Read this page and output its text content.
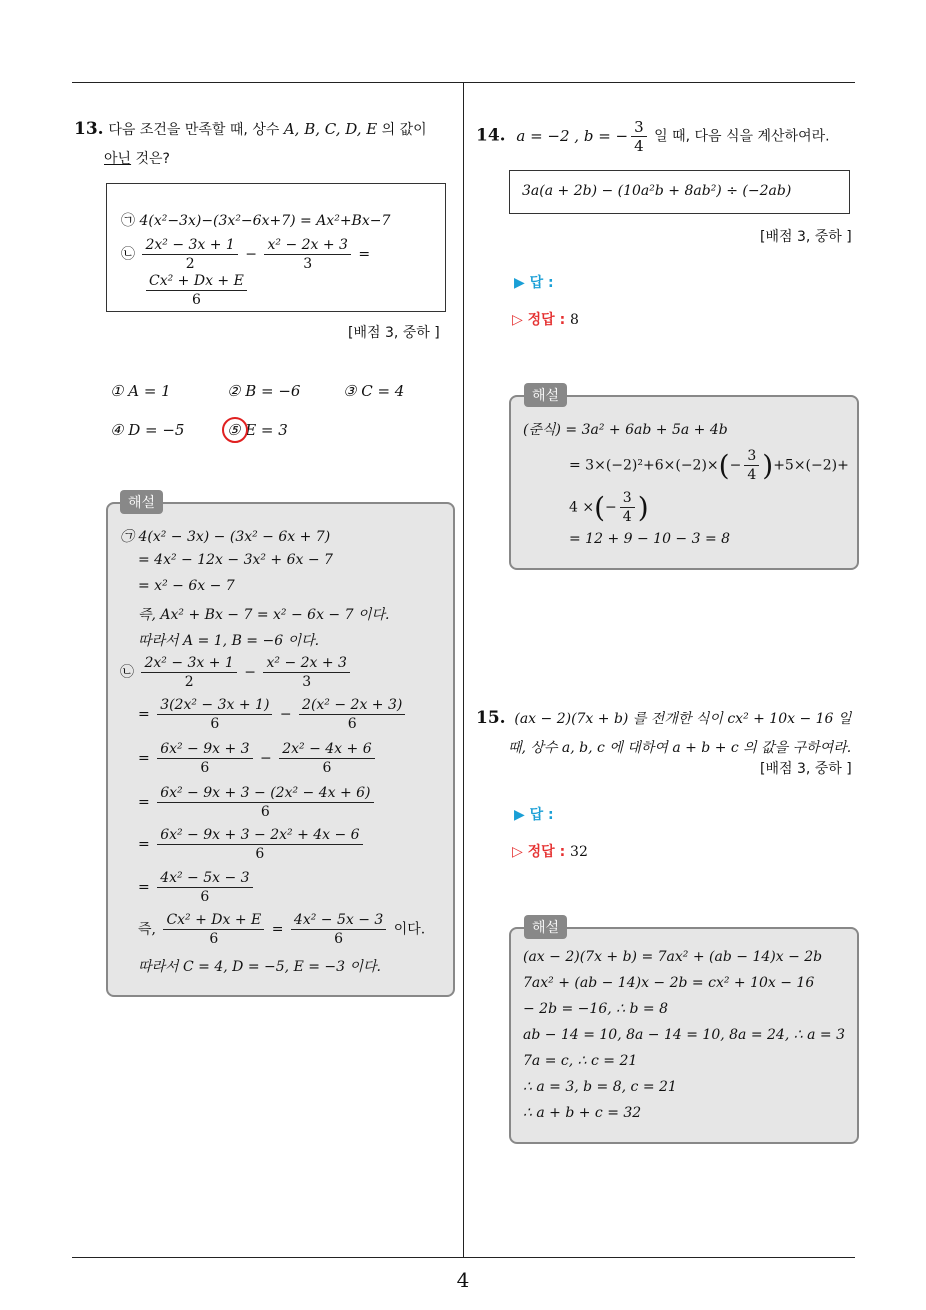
4
13. 다음 조건을 만족할 때, 상수 A, B, C, D, E 의 값이
아닌 것은?
㉠ 4(x²−3x)−(3x²−6x+7) = Ax²+Bx−7
㉡ $\frac{\text{2x² − 3x + 1}}{2} - \frac{\text{x² − 2x + 3}}{3}$ =
$\frac{\text{Cx² + Dx + E}}{6}$
[배점 3, 중하 ]
① A = 1	② B = −6	③ C = 4
④ D = −5	⑤ E = 3
㉠ 4(x² − 3x) − (3x² − 6x + 7)
= 4x² − 12x − 3x² + 6x − 7
= x² − 6x − 7
즉, Ax² + Bx − 7 = x² − 6x − 7 이다.
따라서 A = 1, B = −6 이다.
㉡ $\frac{\text{2x² − 3x + 1}}{2} - \frac{\text{x² − 2x + 3}}{3}$
= $\frac{\text{3(2x² − 3x + 1)}}{6} - \frac{\text{2(x² − 2x + 3)}}{6}$
= $\frac{\text{6x² − 9x + 3}}{6} - \frac{\text{2x² − 4x + 6}}{6}$
= $\frac{\text{6x² − 9x + 3 − (2x² − 4x + 6)}}{6}$
= $\frac{\text{6x² − 9x + 3 − 2x² + 4x − 6}}{6}$
= $\frac{\text{4x² − 5x − 3}}{6}$
즉, $\frac{\text{Cx² + Dx + E}}{6} = \frac{\text{4x² − 5x − 3}}{6}$ 이다.
따라서 C = 4, D = −5, E = −3 이다.
해설
14. a = −2 , b = − $\frac{3}{4}$ 일 때, 다음 식을 계산하여라.
3a(a + 2b) − (10a²b + 8ab²) ÷ (−2ab)
[배점 3, 중하 ]
▶ 답 :
▷ 정답 : 8
(준식) = 3a² + 6ab + 5a + 4b
= $3\times(-2)^2+6\times(-2)\times(- \frac{3}{4} )+5\times(-2)+$
4 ×(− $\frac{3}{4}$ )
= 12 + 9 − 10 − 3 = 8
해설
15. (ax − 2)(7x + b) 를 전개한 식이 cx² + 10x − 16 일
때, 상수 a, b, c 에 대하여 a + b + c 의 값을 구하여라.
[배점 3, 중하 ]
▶ 답 :
▷ 정답 : 32
(ax − 2)(7x + b) = 7ax² + (ab − 14)x − 2b
7ax² + (ab − 14)x − 2b = cx² + 10x − 16
− 2b = −16, ∴ b = 8
ab − 14 = 10, 8a − 14 = 10, 8a = 24, ∴ a = 3
7a = c, ∴ c = 21
∴ a = 3, b = 8, c = 21
∴ a + b + c = 32
해설
